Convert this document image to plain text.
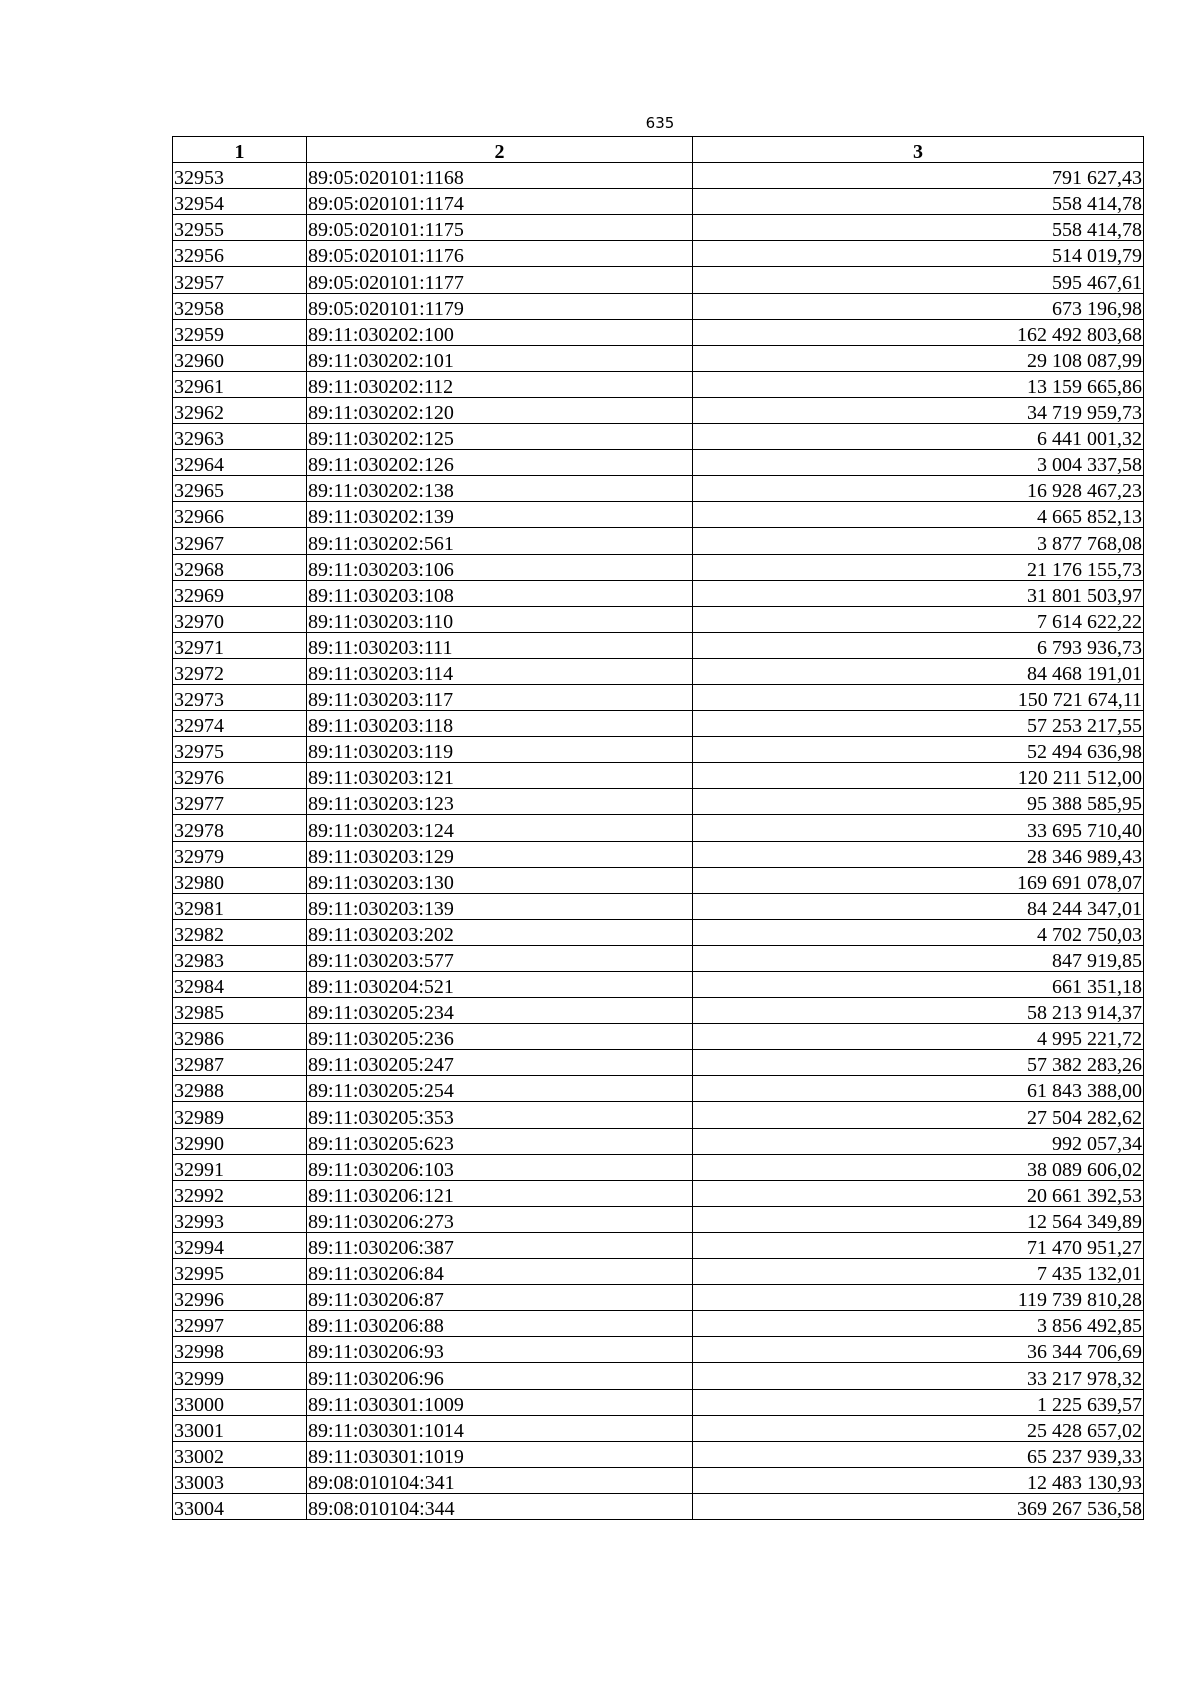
635
1	2	3
32953	89:05:020101:1168	791 627,43
32954	89:05:020101:1174	558 414,78
32955	89:05:020101:1175	558 414,78
32956	89:05:020101:1176	514 019,79
32957	89:05:020101:1177	595 467,61
32958	89:05:020101:1179	673 196,98
32959	89:11:030202:100	162 492 803,68
32960	89:11:030202:101	29 108 087,99
32961	89:11:030202:112	13 159 665,86
32962	89:11:030202:120	34 719 959,73
32963	89:11:030202:125	6 441 001,32
32964	89:11:030202:126	3 004 337,58
32965	89:11:030202:138	16 928 467,23
32966	89:11:030202:139	4 665 852,13
32967	89:11:030202:561	3 877 768,08
32968	89:11:030203:106	21 176 155,73
32969	89:11:030203:108	31 801 503,97
32970	89:11:030203:110	7 614 622,22
32971	89:11:030203:111	6 793 936,73
32972	89:11:030203:114	84 468 191,01
32973	89:11:030203:117	150 721 674,11
32974	89:11:030203:118	57 253 217,55
32975	89:11:030203:119	52 494 636,98
32976	89:11:030203:121	120 211 512,00
32977	89:11:030203:123	95 388 585,95
32978	89:11:030203:124	33 695 710,40
32979	89:11:030203:129	28 346 989,43
32980	89:11:030203:130	169 691 078,07
32981	89:11:030203:139	84 244 347,01
32982	89:11:030203:202	4 702 750,03
32983	89:11:030203:577	847 919,85
32984	89:11:030204:521	661 351,18
32985	89:11:030205:234	58 213 914,37
32986	89:11:030205:236	4 995 221,72
32987	89:11:030205:247	57 382 283,26
32988	89:11:030205:254	61 843 388,00
32989	89:11:030205:353	27 504 282,62
32990	89:11:030205:623	992 057,34
32991	89:11:030206:103	38 089 606,02
32992	89:11:030206:121	20 661 392,53
32993	89:11:030206:273	12 564 349,89
32994	89:11:030206:387	71 470 951,27
32995	89:11:030206:84	7 435 132,01
32996	89:11:030206:87	119 739 810,28
32997	89:11:030206:88	3 856 492,85
32998	89:11:030206:93	36 344 706,69
32999	89:11:030206:96	33 217 978,32
33000	89:11:030301:1009	1 225 639,57
33001	89:11:030301:1014	25 428 657,02
33002	89:11:030301:1019	65 237 939,33
33003	89:08:010104:341	12 483 130,93
33004	89:08:010104:344	369 267 536,58
